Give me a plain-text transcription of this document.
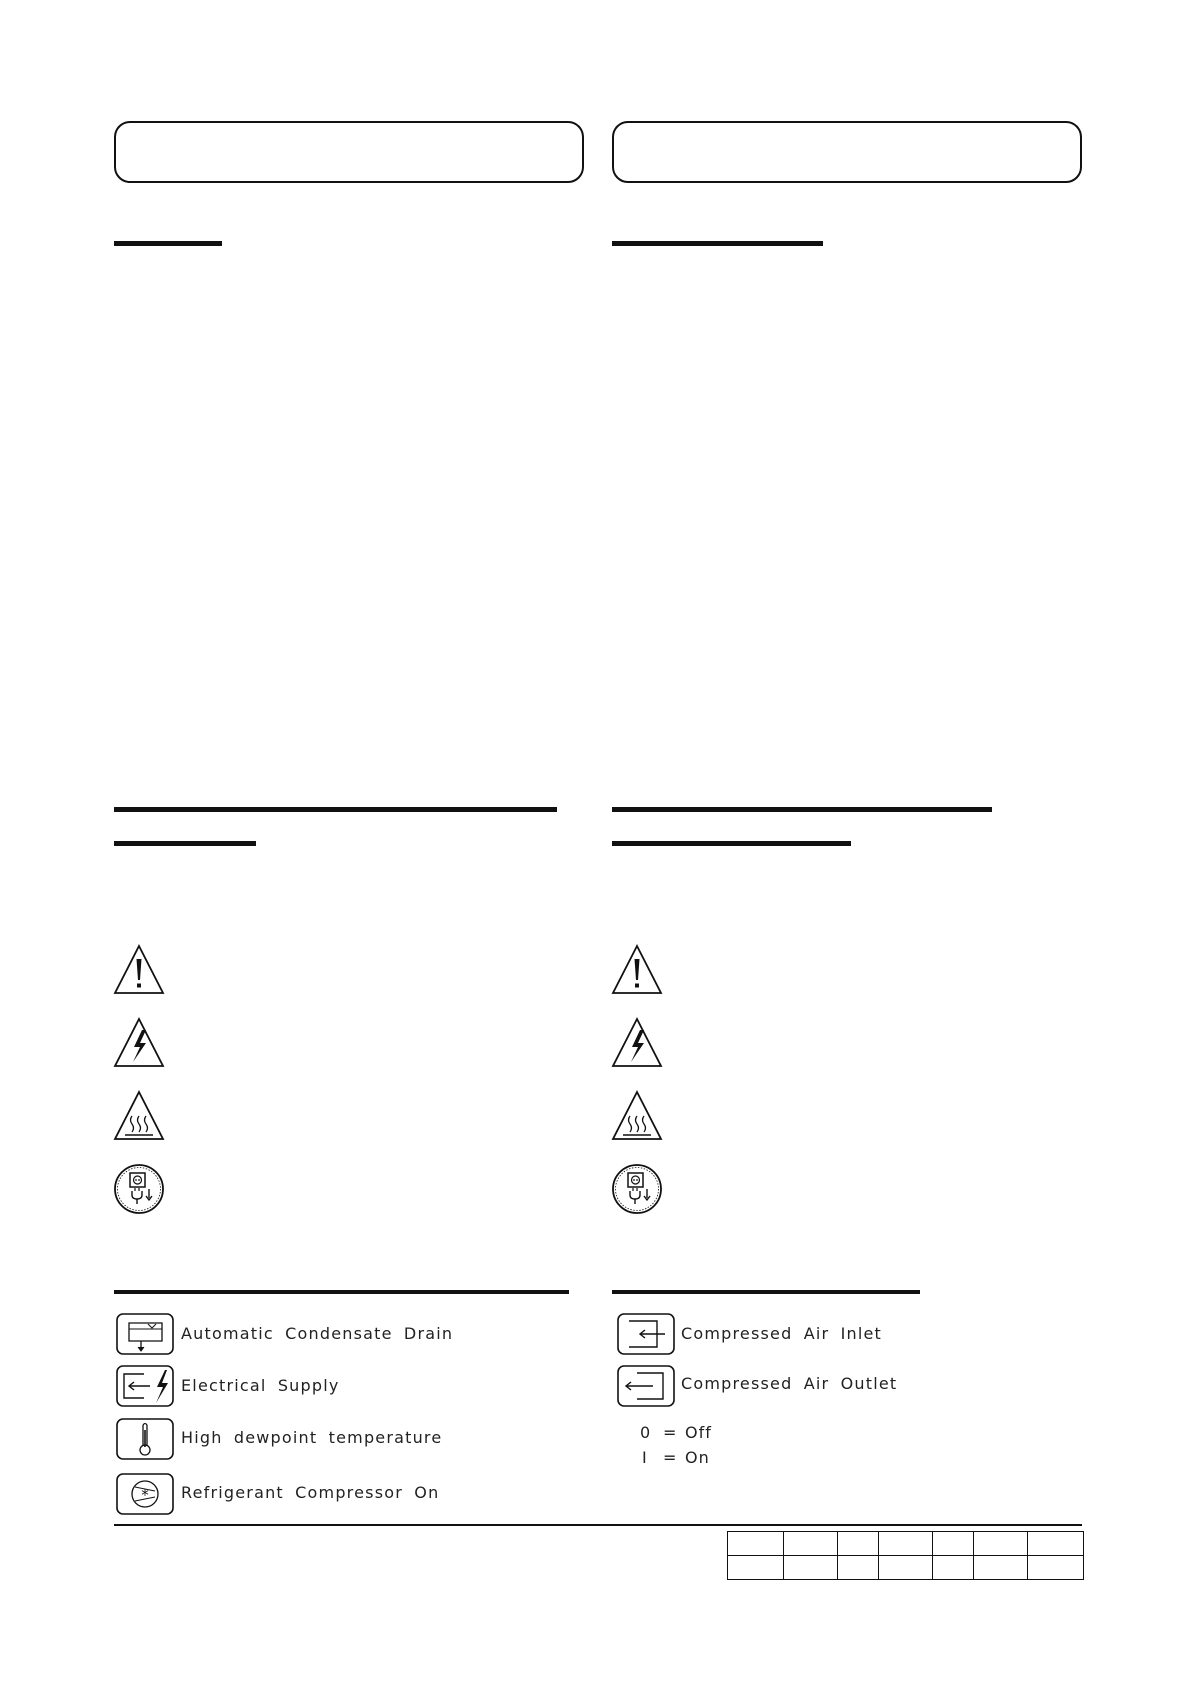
Automatic Condensate Drain
Electrical Supply
High dewpoint temperature
* Refrigerant Compressor On
Compressed Air Inlet
Compressed Air Outlet
0 = Off
I = On
